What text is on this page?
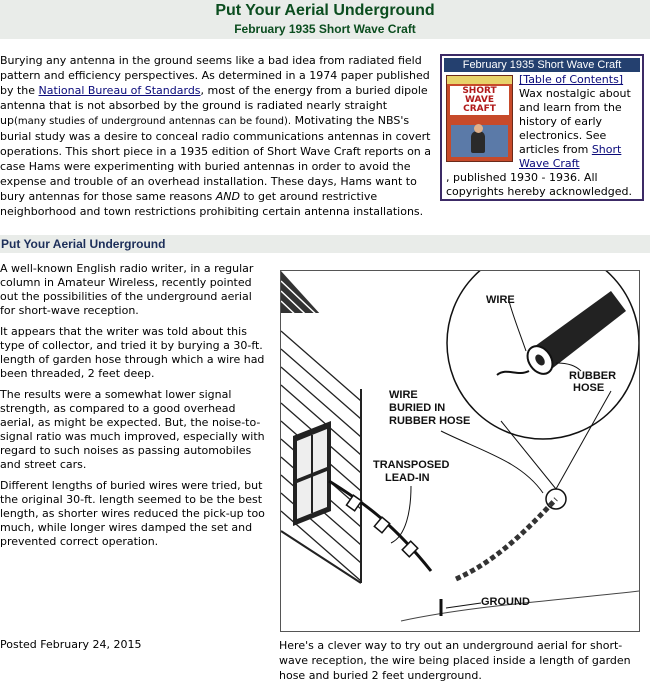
Put Your Aerial Underground
February 1935 Short Wave Craft

Burying any antenna in the ground seems like a bad idea from radiated field pattern and efficiency perspectives. As determined in a 1974 paper published by the National Bureau of Standards, most of the energy from a buried dipole antenna that is not absorbed by the ground is radiated nearly straight up(many studies of underground antennas can be found). Motivating the NBS's burial study was a desire to conceal radio communications antennas in covert operations. This short piece in a 1935 edition of Short Wave Craft reports on a case Hams were experimenting with buried antennas in order to avoid the expense and trouble of an overhead installation. These days, Hams want to bury antennas for those same reasons AND to get around restrictive neighborhood and town restrictions prohibiting certain antenna installations.

February 1935 Short Wave Craft
SHORT WAVE CRAFT
[Table of Contents] Wax nostalgic about and learn from the history of early electronics. See articles from Short Wave Craft
, published 1930 - 1936. All copyrights hereby acknowledged.
Put Your Aerial Underground

A well-known English radio writer, in a regular column in Amateur Wireless, recently pointed out the possibilities of the underground aerial for short-wave reception.

It appears that the writer was told about this type of collector, and tried it by burying a 30-ft. length of garden hose through which a wire had been threaded, 2 feet deep.

The results were a somewhat lower signal strength, as compared to a good overhead aerial, as might be expected. But, the noise-to-signal ratio was much improved, especially with regard to such noises as passing automobiles and street cars.

Different lengths of buried wires were tried, but the original 30-ft. length seemed to be the best length, as shorter wires reduced the pick-up too much, while longer wires damped the set and prevented correct operation.

WIRE
RUBBER
HOSE
WIRE
BURIED IN
RUBBER HOSE
TRANSPOSED
LEAD-IN
GROUND
Posted February 24, 2015	Here's a clever way to try out an underground aerial for short-wave reception, the wire being placed inside a length of garden hose and buried 2 feet underground.
